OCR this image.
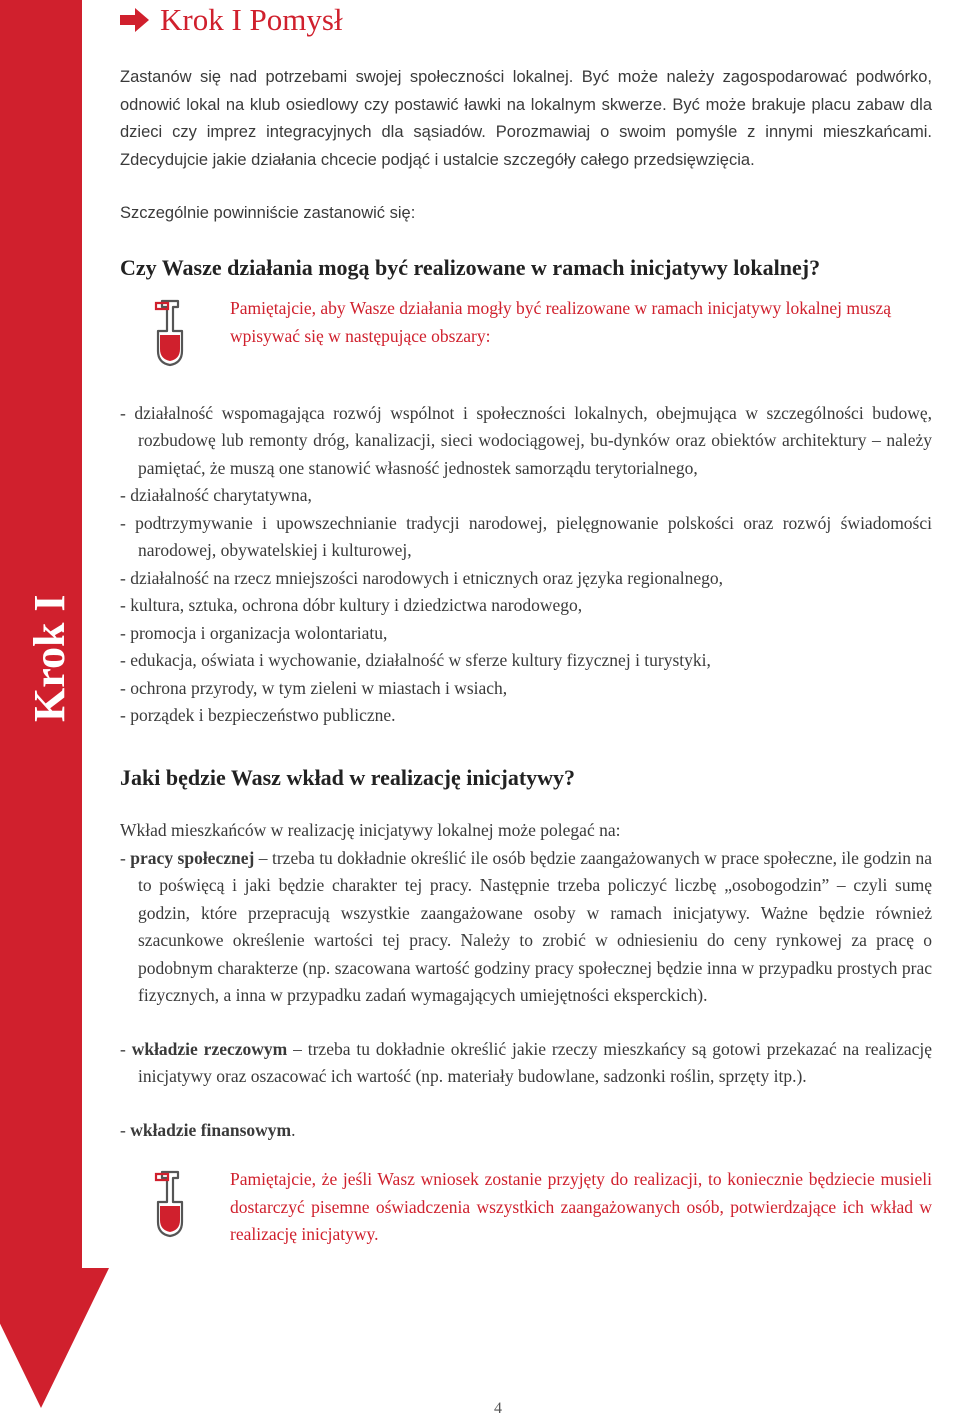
Krok I
Krok I Pomysł

Zastanów się nad potrzebami swojej społeczności lokalnej. Być może należy zagospodarować podwórko, odnowić lokal na klub osiedlowy czy postawić ławki na lokalnym skwerze. Być może brakuje placu zabaw dla dzieci czy imprez integracyjnych dla sąsiadów. Porozmawiaj o swoim pomyśle z innymi mieszkańcami. Zdecydujcie jakie działania chcecie podjąć i ustalcie szczegóły całego przedsięwzięcia.

Szczególnie powinniście zastanowić się:

Czy Wasze działania mogą być realizowane w ramach inicjatywy lokalnej?

Pamiętajcie, aby Wasze działania mogły być realizowane w ramach inicjatywy lokalnej muszą wpisywać się w następujące obszary:
- działalność wspomagająca rozwój wspólnot i społeczności lokalnych, obejmująca w szczególności budowę, rozbudowę lub remonty dróg, kanalizacji, sieci wodociągowej, bu-dynków oraz obiektów architektury – należy pamiętać, że muszą one stanowić własność jednostek samorządu terytorialnego,
- działalność charytatywna,
- podtrzymywanie i upowszechnianie tradycji narodowej, pielęgnowanie polskości oraz rozwój świadomości narodowej, obywatelskiej i kulturowej,
- działalność na rzecz mniejszości narodowych i etnicznych oraz języka regionalnego,
- kultura, sztuka, ochrona dóbr kultury i dziedzictwa narodowego,
- promocja i organizacja wolontariatu,
- edukacja, oświata i wychowanie, działalność w sferze kultury fizycznej i turystyki,
- ochrona przyrody, w tym zieleni w miastach i wsiach,
- porządek i bezpieczeństwo publiczne.

Jaki będzie Wasz wkład w realizację inicjatywy?

Wkład mieszkańców w realizację inicjatywy lokalnej może polegać na:

- pracy społecznej – trzeba tu dokładnie określić ile osób będzie zaangażowanych w prace społeczne, ile godzin na to poświęcą i jaki będzie charakter tej pracy. Następnie trzeba policzyć liczbę „osobogodzin” – czyli sumę godzin, które przepracują wszystkie zaangażowane osoby w ramach inicjatywy. Ważne będzie również szacunkowe określenie wartości tej pracy. Należy to zrobić w odniesieniu do ceny rynkowej za pracę o podobnym charakterze (np. szacowana wartość godziny pracy społecznej będzie inna w przypadku prostych prac fizycznych, a inna w przypadku zadań wymagających umiejętności eksperckich).

- wkładzie rzeczowym – trzeba tu dokładnie określić jakie rzeczy mieszkańcy są gotowi przekazać na realizację inicjatywy oraz oszacować ich wartość (np. materiały budowlane, sadzonki roślin, sprzęty itp.).

- wkładzie finansowym.

Pamiętajcie, że jeśli Wasz wniosek zostanie przyjęty do realizacji, to koniecznie będziecie musieli dostarczyć pisemne oświadczenia wszystkich zaangażowanych osób, potwierdzające ich wkład w realizację inicjatywy.
4
